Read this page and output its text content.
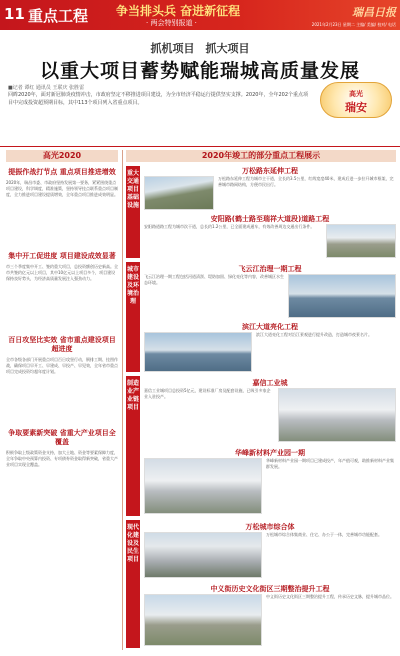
11 重点工程 争当排头兵 奋进新征程
· 两会特别报道 ·
瑞昌日报
2021年2月23日 星期二 主编/ 美编/ 校对/ 电话
抓机项目　抓大项目
以重大项目蓄势赋能瑞城高质量发展
■记者 谭红 通讯员 王联庆 张胜雷
回眸2020年，面对新冠肺炎疫情冲击，市政府坚定不移推进项目建设，为全市经济平稳运行提供坚实支撑。2020年，全年202个重点项目中完成投资超预期目标，其中113个项目列入省重点项目。
高光　　
瑞安
高光2020
提振作战打节点 重点项目推进增效
2020年，瑞昌市委、市政府坚持发展第一要务，紧紧围绕重点项目建设，科学调度，精准施策，坚持领导挂点联系重点项目制度，全力推进项目建设提质增效，全年重点项目推进成效明显。
集中开工促进度 项目建设成效显著
市三个季度集中开工、签约重大项目，总投资额创历史新高。全市共签约亿元以上项目，其中10亿元以上项目多个，项目建设保持良好势头，为经济高质量发展注入强劲动力。
百日攻坚比实效 省市重点建设项目超进度
全市各级各部门开展重点项目百日攻坚行动，倒排工期、挂图作战，确保项目早开工、早建成、早投产、早见效，全年省市重点项目完成投资均超年度计划。
争取要素新突破 省重大产业项目全覆盖
积极争取上级政策资金支持，加大土地、资金等要素保障力度，全年争取中央预算内投资、专项债券资金取得新突破，省重大产业项目实现全覆盖。
2020年竣工的部分重点工程展示
重大交通项目基础设施
城市建设及环境治理
制造业产业链项目
现代化建设及民生项目
万松路东延伸工程
万松路东延伸工程为城市主干道，全长约3.5公里，红线宽度40米，建成后进一步拉开城市框架，完善城市路网结构，方便市民出行。
安阳路(鹤士路至瑞祥大道段)道路工程
安阳路道路工程为城市次干道，总长约1.2公里，已全面建成通车，有效改善周边交通出行条件。
飞云江治理一期工程
飞云江治理一期工程包括河道清淤、堤防加固、绿化亮化等内容，改善城区水生态环境。
滨江大道亮化工程
滨江大道亮化工程对沿江景观进行提升改造，打造城市夜景名片。
嘉信工业城
嘉信工业城项目总投资5亿元，建设标准厂房及配套设施，已吸引多家企业入驻投产。
华峰新材料产业园一期
华峰新材料产业园一期项目已建成投产，年产值可观，助推新材料产业集群发展。
万松城市综合体
万松城市综合体集商业、住宅、办公于一体，完善城市功能配套。
中义街历史文化街区三期整治提升工程
中义街历史文化街区三期整治提升工程，传承历史文脉，提升城市品位。
